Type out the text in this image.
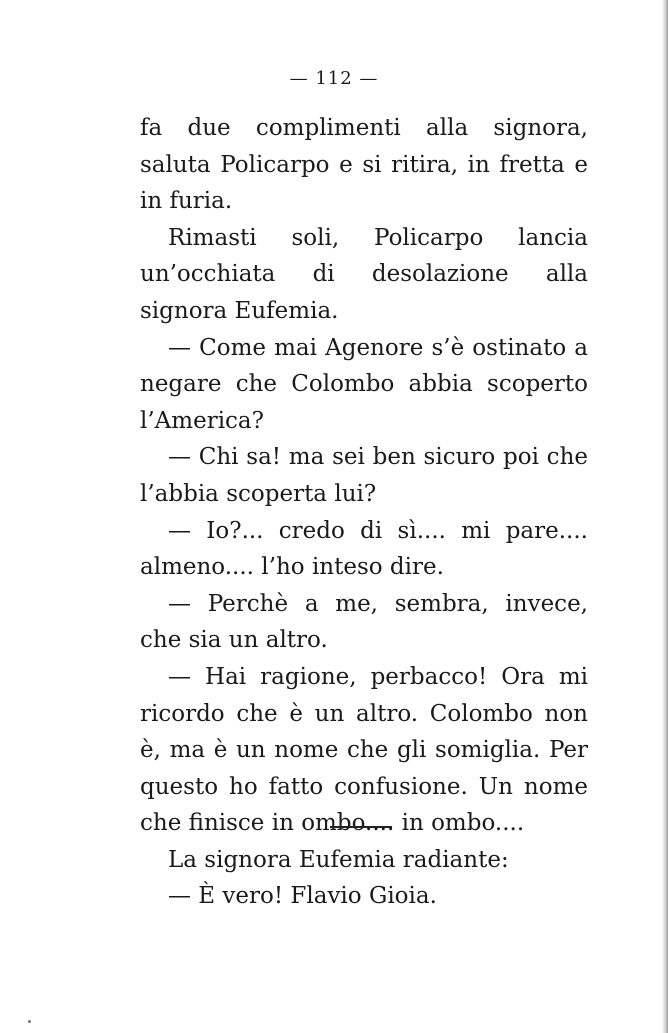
— 112 —

fa due complimenti alla signora, saluta Policarpo e si ritira, in fretta e in furia.

Rimasti soli, Policarpo lancia un’occhiata di desolazione alla signora Eufemia.

— Come mai Agenore s’è ostinato a negare che Colombo abbia scoperto l’America?

— Chi sa! ma sei ben sicuro poi che l’abbia scoperta lui?

— Io?... credo di sì.... mi pare.... almeno.... l’ho inteso dire.

— Perchè a me, sembra, invece, che sia un altro.

— Hai ragione, perbacco! Ora mi ricordo che è un altro. Colombo non è, ma è un nome che gli somiglia. Per questo ho fatto confusione. Un nome che finisce in ombo.... in ombo....

La signora Eufemia radiante:

— È vero! Flavio Gioia.
